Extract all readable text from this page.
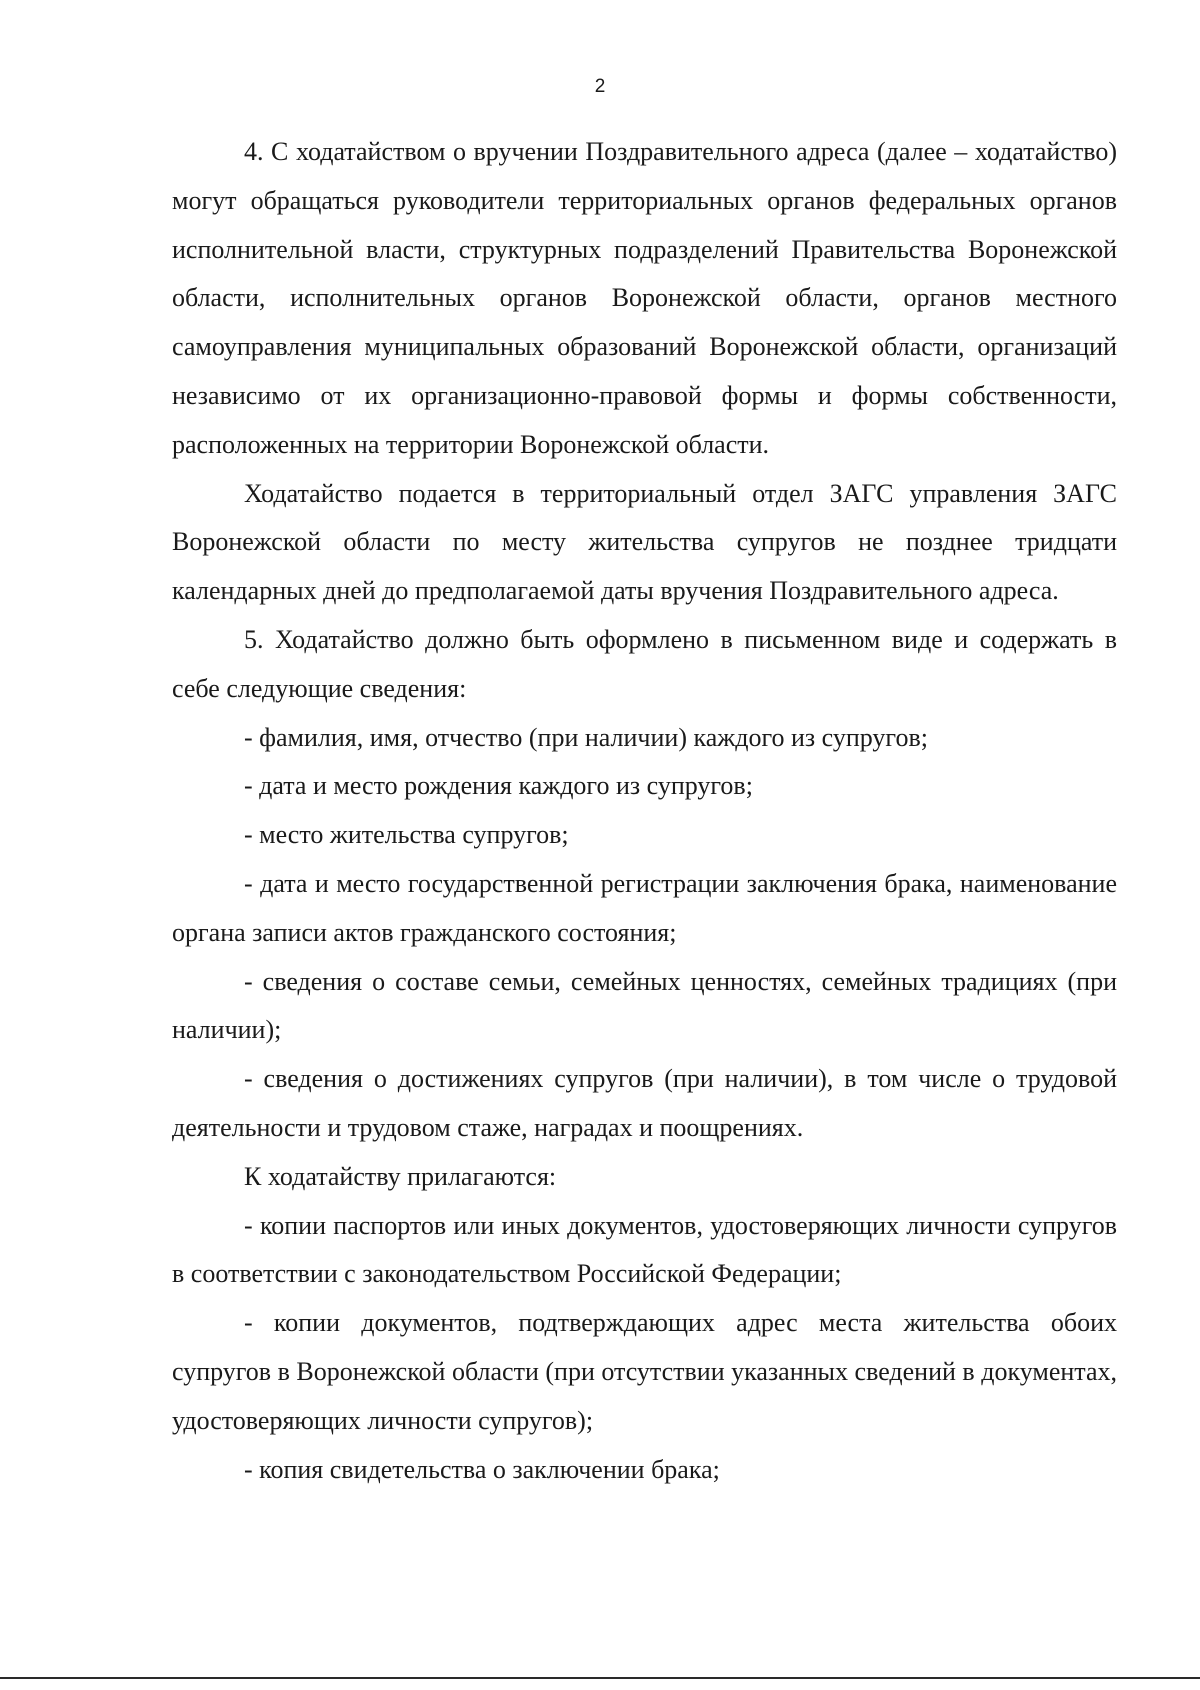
2

4. С ходатайством о вручении Поздравительного адреса (далее – ходатайство) могут обращаться руководители территориальных органов федеральных органов исполнительной власти, структурных подразделений Правительства Воронежской области, исполнительных органов Воронежской области, органов местного самоуправления муниципальных образований Воронежской области, организаций независимо от их организационно-правовой формы и формы собственности, расположенных на территории Воронежской области.

Ходатайство подается в территориальный отдел ЗАГС управления ЗАГС Воронежской области по месту жительства супругов не позднее тридцати календарных дней до предполагаемой даты вручения Поздравительного адреса.

5. Ходатайство должно быть оформлено в письменном виде и содержать в себе следующие сведения:

- фамилия, имя, отчество (при наличии) каждого из супругов;

- дата и место рождения каждого из супругов;

- место жительства супругов;

- дата и место государственной регистрации заключения брака, наименование органа записи актов гражданского состояния;

- сведения о составе семьи, семейных ценностях, семейных традициях (при наличии);

- сведения о достижениях супругов (при наличии), в том числе о трудовой деятельности и трудовом стаже, наградах и поощрениях.

К ходатайству прилагаются:

- копии паспортов или иных документов, удостоверяющих личности супругов в соответствии с законодательством Российской Федерации;

- копии документов, подтверждающих адрес места жительства обоих супругов в Воронежской области (при отсутствии указанных сведений в документах, удостоверяющих личности супругов);

- копия свидетельства о заключении брака;
